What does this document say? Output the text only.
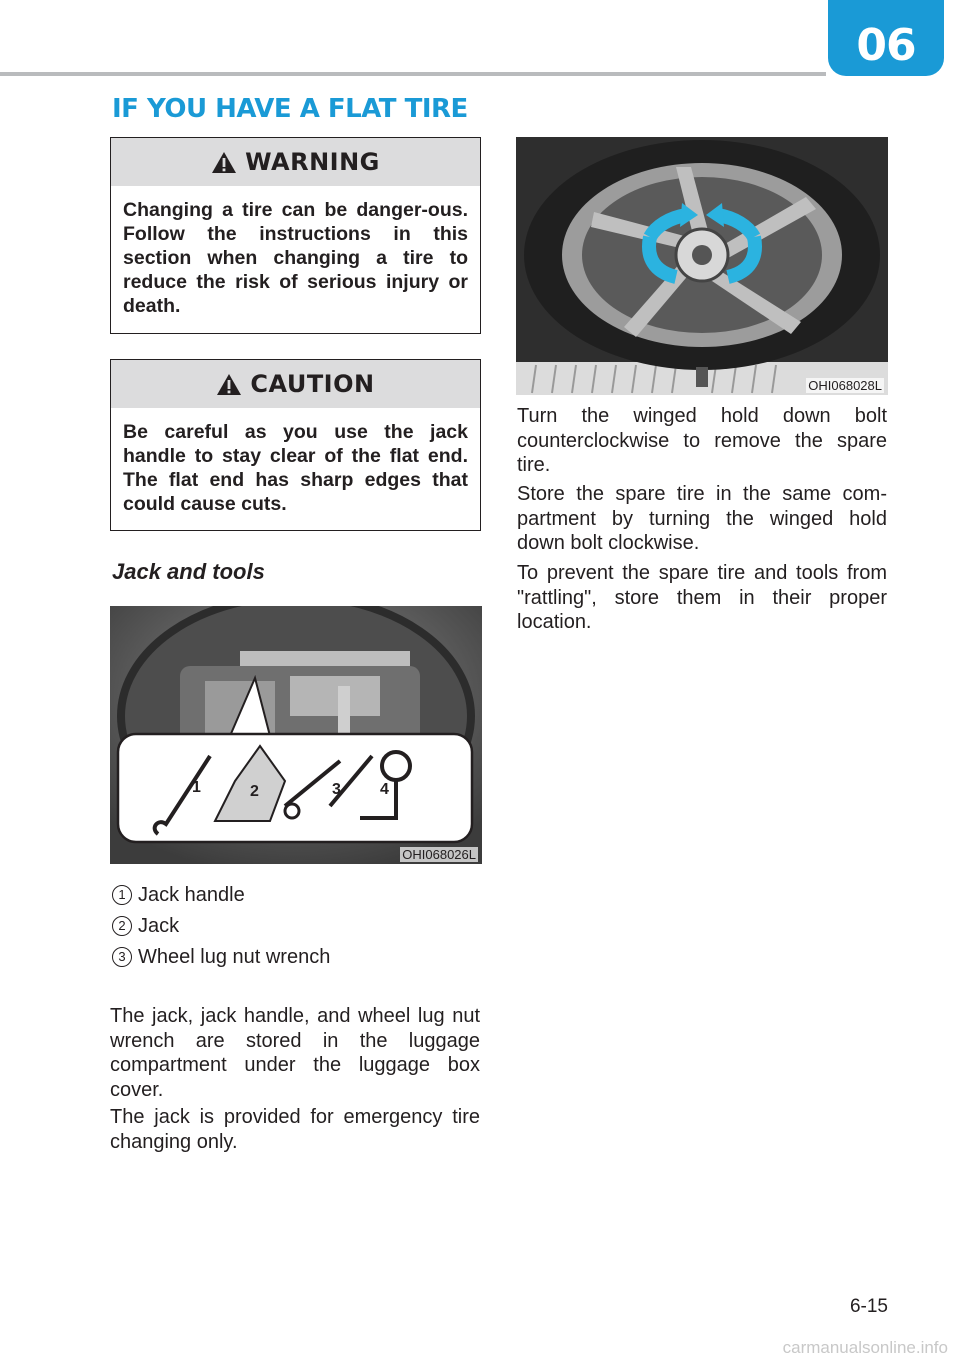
06
IF YOU HAVE A FLAT TIRE
WARNING
Changing a tire can be danger-ous. Follow the instructions in this section when changing a tire to reduce the risk of serious injury or death.
CAUTION
Be careful as you use the jack handle to stay clear of the flat end. The flat end has sharp edges that could cause cuts.
Jack and tools
1	2	3 4
OHI068026L
1 Jack handle
2 Jack
3 Wheel lug nut wrench

The jack, jack handle, and wheel lug nut wrench are stored in the luggage compartment under the luggage box cover.

The jack is provided for emergency tire changing only.

OHI068028L

Turn the winged hold down bolt counterclockwise to remove the spare tire.

Store the spare tire in the same com-partment by turning the winged hold down bolt clockwise.

To prevent the spare tire and tools from "rattling", store them in their proper location.

6-15
carmanualsonline.info
